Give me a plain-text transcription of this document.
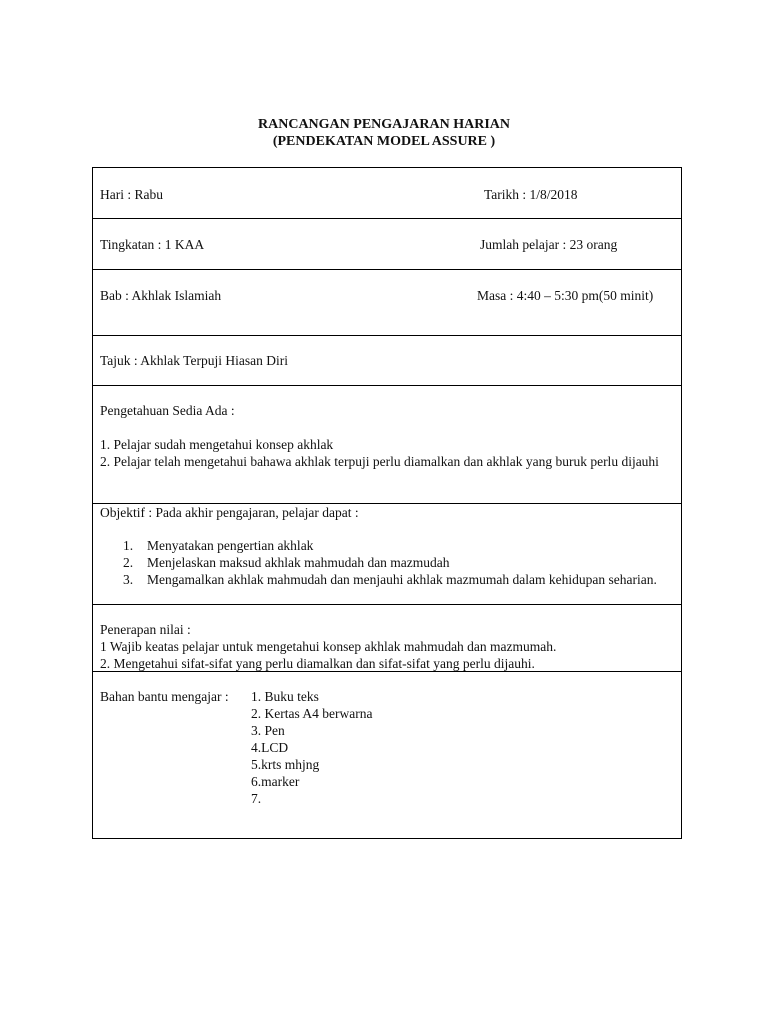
RANCANGAN PENGAJARAN HARIAN
(PENDEKATAN MODEL ASSURE )
Hari : Rabu	Tarikh : 1/8/2018
Tingkatan : 1 KAA	Jumlah pelajar : 23 orang
Bab : Akhlak Islamiah	Masa : 4:40 – 5:30 pm(50 minit)
Tajuk : Akhlak Terpuji Hiasan Diri
Pengetahuan Sedia Ada :
1. Pelajar sudah mengetahui konsep akhlak
2. Pelajar telah mengetahui bahawa akhlak terpuji perlu diamalkan dan akhlak yang buruk perlu dijauhi
Objektif : Pada akhir pengajaran, pelajar dapat :
1. Menyatakan pengertian akhlak
2. Menjelaskan maksud akhlak mahmudah dan mazmudah
3. Mengamalkan akhlak mahmudah dan menjauhi akhlak mazmumah dalam kehidupan seharian.
Penerapan nilai :
1 Wajib keatas pelajar untuk mengetahui konsep akhlak mahmudah dan mazmumah.
2. Mengetahui sifat-sifat yang perlu diamalkan dan sifat-sifat yang perlu dijauhi.
Bahan bantu mengajar : 1. Buku teks
2. Kertas A4 berwarna
3. Pen
4.LCD
5.krts mhjng
6.marker
7.
